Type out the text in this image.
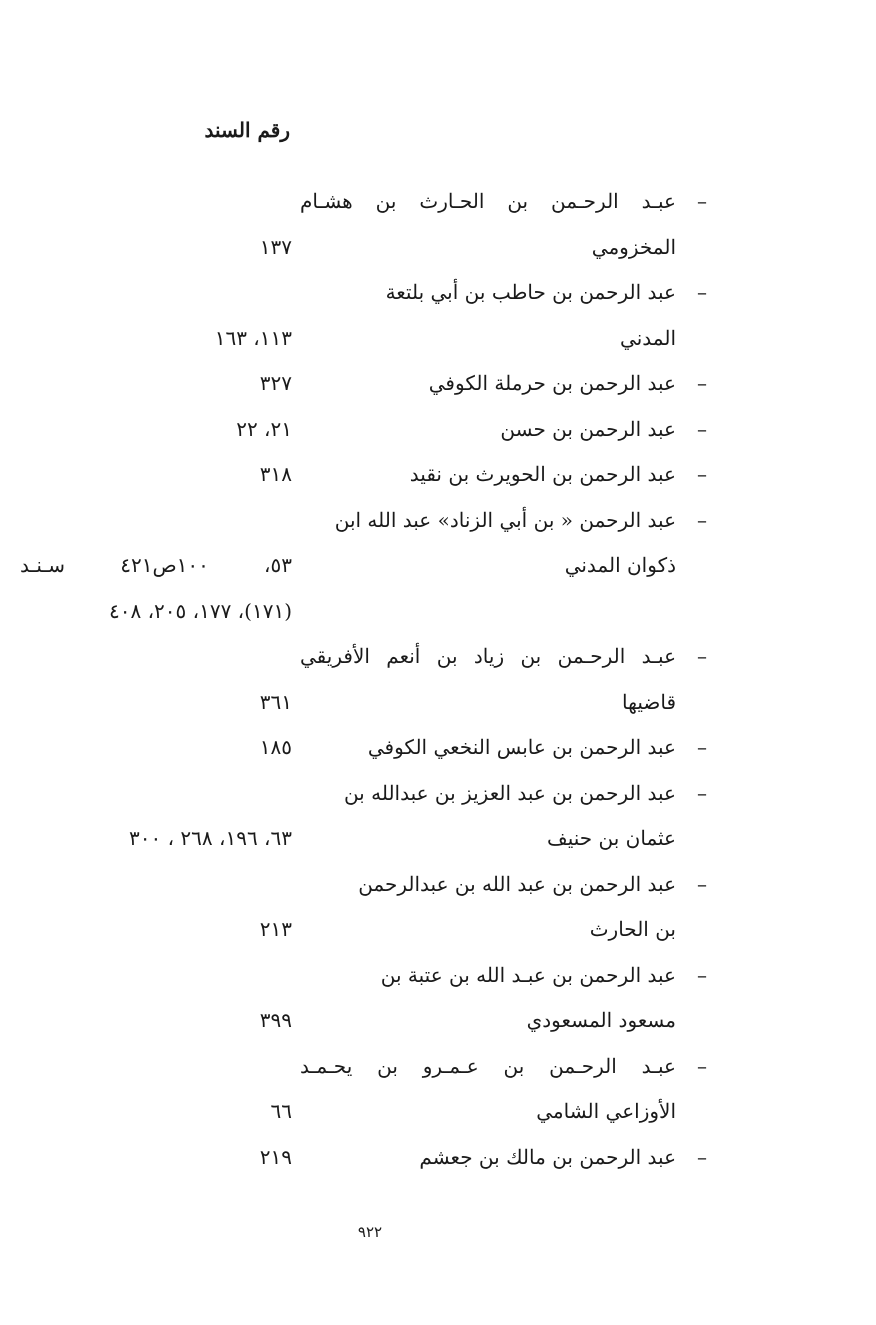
رقم السند
–
عبـد الرحـمن بن الحـارث بن هشـام
المخزومي
١٣٧
–
عبد الرحمن بن حاطب بن أبي بلتعة
المدني
١١٣، ١٦٣
–
عبد الرحمن بن حرملة الكوفي
٣٢٧
–
عبد الرحمن بن حسن
٢١، ٢٢
–
عبد الرحمن بن الحويرث بن نقيد
٣١٨
–
عبد الرحمن « بن أبي الزناد» عبد الله ابن
ذكوان المدني
٥٣، ١٠٠ص٤٢١ سـنـد
(١٧١)، ١٧٧، ٢٠٥، ٤٠٨
–
عبـد الرحـمن بن زياد بن أنعم الأفريقي
قاضيها
٣٦١
–
عبد الرحمن بن عابس النخعي الكوفي
١٨٥
–
عبد الرحمن بن عبد العزيز بن عبدالله بن
عثمان بن حنيف
٦٣، ١٩٦، ٢٦٨ ، ٣٠٠
–
عبد الرحمن بن عبد الله بن عبدالرحمن
بن الحارث
٢١٣
–
عبد الرحمن بن عبـد الله بن عتبة بن
مسعود المسعودي
٣٩٩
–
عبـد الرحـمن بن عـمـرو بن يحـمـد
الأوزاعي الشامي
٦٦
–
عبد الرحمن بن مالك بن جعشم
٢١٩
٩٢٢
